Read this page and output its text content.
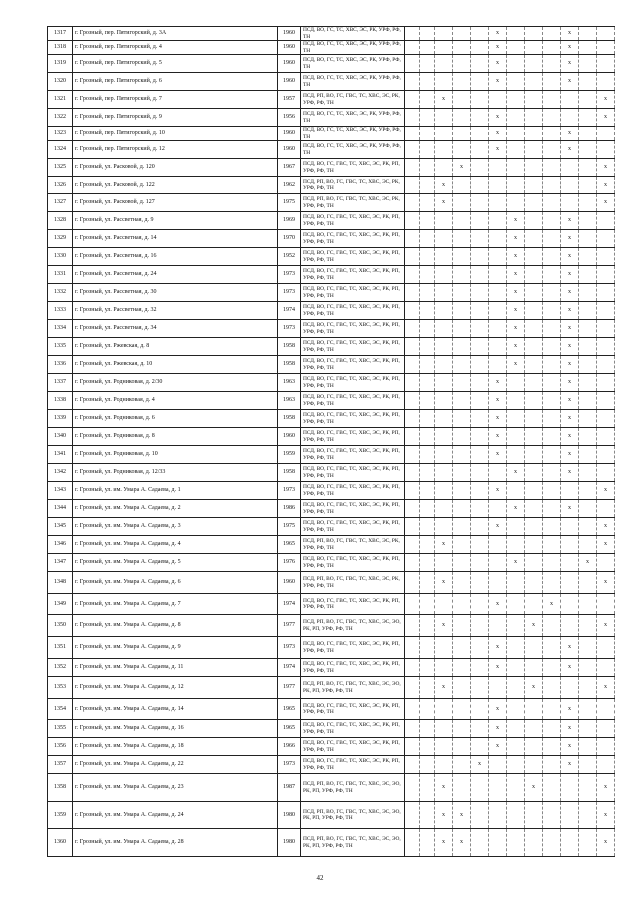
1317	г. Грозный, пер. Пятигорский, д. 3А	1960	ПСД, ВО, ГС, ТС, ХВС, ЭС, РК, УРФ, РФ, ТН						х				х		
1318	г. Грозный, пер. Пятигорский, д. 4	1960	ПСД, ВО, ГС, ТС, ХВС, ЭС, РК, УРФ, РФ, ТН						х				х		
1319	г. Грозный, пер. Пятигорский, д. 5	1960	ПСД, ВО, ГС, ТС, ХВС, ЭС, РК, УРФ, РФ, ТН						х				х		
1320	г. Грозный, пер. Пятигорский, д. 6	1960	ПСД, ВО, ГС, ТС, ХВС, ЭС, РК, УРФ, РФ, ТН						х				х		
1321	г. Грозный, пер. Пятигорский, д. 7	1957	ПСД, РП, ВО, ГС, ГВС, ТС, ХВС, ЭС, РК, УРФ, РФ, ТН			х									х
1322	г. Грозный, пер. Пятигорский, д. 9	1956	ПСД, ВО, ГС, ТС, ХВС, ЭС, РК, УРФ, РФ, ТН						х						х
1323	г. Грозный, пер. Пятигорский, д. 10	1960	ПСД, ВО, ГС, ТС, ХВС, ЭС, РК, УРФ, РФ, ТН						х				х		
1324	г. Грозный, пер. Пятигорский, д. 12	1960	ПСД, ВО, ГС, ТС, ХВС, ЭС, РК, УРФ, РФ, ТН						х				х		
1325	г. Грозный, ул. Расковой, д. 120	1967	ПСД, ВО, ГС, ГВС, ТС, ХВС, ЭС, РК, РП, УРФ, РФ, ТН				х								х
1326	г. Грозный, ул. Расковой, д. 122	1962	ПСД, РП, ВО, ГС, ГВС, ТС, ХВС, ЭС, РК, УРФ, РФ, ТН			х									х
1327	г. Грозный, ул. Расковой, д. 127	1975	ПСД, РП, ВО, ГС, ГВС, ТС, ХВС, ЭС, РК, УРФ, РФ, ТН			х									х
1328	г. Грозный, ул. Рассветная, д. 9	1969	ПСД, ВО, ГС, ГВС, ТС, ХВС, ЭС, РК, РП, УРФ, РФ, ТН							х			х		
1329	г. Грозный, ул. Рассветная, д. 14	1970	ПСД, ВО, ГС, ГВС, ТС, ХВС, ЭС, РК, РП, УРФ, РФ, ТН							х			х		
1330	г. Грозный, ул. Рассветная, д. 16	1952	ПСД, ВО, ГС, ГВС, ТС, ХВС, ЭС, РК, РП, УРФ, РФ, ТН							х			х		
1331	г. Грозный, ул. Рассветная, д. 24	1973	ПСД, ВО, ГС, ГВС, ТС, ХВС, ЭС, РК, РП, УРФ, РФ, ТН							х			х		
1332	г. Грозный, ул. Рассветная, д. 30	1973	ПСД, ВО, ГС, ГВС, ТС, ХВС, ЭС, РК, РП, УРФ, РФ, ТН							х			х		
1333	г. Грозный, ул. Рассветная, д. 32	1974	ПСД, ВО, ГС, ГВС, ТС, ХВС, ЭС, РК, РП, УРФ, РФ, ТН							х			х		
1334	г. Грозный, ул. Рассветная, д. 34	1973	ПСД, ВО, ГС, ГВС, ТС, ХВС, ЭС, РК, РП, УРФ, РФ, ТН							х			х		
1335	г. Грозный, ул. Ржевская, д. 8	1958	ПСД, ВО, ГС, ГВС, ТС, ХВС, ЭС, РК, РП, УРФ, РФ, ТН							х			х		
1336	г. Грозный, ул. Ржевская, д. 10	1958	ПСД, ВО, ГС, ГВС, ТС, ХВС, ЭС, РК, РП, УРФ, РФ, ТН							х			х		
1337	г. Грозный, ул. Родниковая, д. 2/30	1963	ПСД, ВО, ГС, ГВС, ТС, ХВС, ЭС, РК, РП, УРФ, РФ, ТН						х				х		
1338	г. Грозный, ул. Родниковая, д. 4	1963	ПСД, ВО, ГС, ГВС, ТС, ХВС, ЭС, РК, РП, УРФ, РФ, ТН						х				х		
1339	г. Грозный, ул. Родниковая, д. 6	1958	ПСД, ВО, ГС, ГВС, ТС, ХВС, ЭС, РК, РП, УРФ, РФ, ТН						х				х		
1340	г. Грозный, ул. Родниковая, д. 8	1960	ПСД, ВО, ГС, ГВС, ТС, ХВС, ЭС, РК, РП, УРФ, РФ, ТН						х				х		
1341	г. Грозный, ул. Родниковая, д. 10	1959	ПСД, ВО, ГС, ГВС, ТС, ХВС, ЭС, РК, РП, УРФ, РФ, ТН						х				х		
1342	г. Грозный, ул. Родниковая, д. 12/33	1958	ПСД, ВО, ГС, ГВС, ТС, ХВС, ЭС, РК, РП, УРФ, РФ, ТН							х			х		
1343	г. Грозный, ул. им. Умара А. Садаева, д. 1	1973	ПСД, ВО, ГС, ГВС, ТС, ХВС, ЭС, РК, РП, УРФ, РФ, ТН						х						х
1344	г. Грозный, ул. им. Умара А. Садаева, д. 2	1986	ПСД, ВО, ГС, ГВС, ТС, ХВС, ЭС, РК, РП, УРФ, РФ, ТН							х			х		
1345	г. Грозный, ул. им. Умара А. Садаева, д. 3	1975	ПСД, ВО, ГС, ГВС, ТС, ХВС, ЭС, РК, РП, УРФ, РФ, ТН						х						х
1346	г. Грозный, ул. им. Умара А. Садаева, д. 4	1965	ПСД, РП, ВО, ГС, ГВС, ТС, ХВС, ЭС, РК, УРФ, РФ, ТН			х									х
1347	г. Грозный, ул. им. Умара А. Садаева, д. 5	1976	ПСД, ВО, ГС, ГВС, ТС, ХВС, ЭС, РК, РП, УРФ, РФ, ТН							х				х	
1348	г. Грозный, ул. им. Умара А. Садаева, д. 6	1960	ПСД, РП, ВО, ГС, ГВС, ТС, ХВС, ЭС, РК, УРФ, РФ, ТН			х									х
1349	г. Грозный, ул. им. Умара А. Садаева, д. 7	1974	ПСД, ВО, ГС, ГВС, ТС, ХВС, ЭС, РК, РП, УРФ, РФ, ТН						х			х			
1350	г. Грозный, ул. им. Умара А. Садаева, д. 8	1977	ПСД, РП, ВО, ГС, ГВС, ТС, ХВС, ЭС, ЭО, РК, РП, УРФ, РФ, ТН			х					х				х
1351	г. Грозный, ул. им. Умара А. Садаева, д. 9	1973	ПСД, ВО, ГС, ГВС, ТС, ХВС, ЭС, РК, РП, УРФ, РФ, ТН						х				х		
1352	г. Грозный, ул. им. Умара А. Садаева, д. 11	1974	ПСД, ВО, ГС, ГВС, ТС, ХВС, ЭС, РК, РП, УРФ, РФ, ТН						х				х		
1353	г. Грозный, ул. им. Умара А. Садаева, д. 12	1977	ПСД, РП, ВО, ГС, ГВС, ТС, ХВС, ЭС, ЭО, РК, РП, УРФ, РФ, ТН			х					х				х
1354	г. Грозный, ул. им. Умара А. Садаева, д. 14	1965	ПСД, ВО, ГС, ГВС, ТС, ХВС, ЭС, РК, РП, УРФ, РФ, ТН						х				х		
1355	г. Грозный, ул. им. Умара А. Садаева, д. 16	1965	ПСД, ВО, ГС, ГВС, ТС, ХВС, ЭС, РК, РП, УРФ, РФ, ТН						х				х		
1356	г. Грозный, ул. им. Умара А. Садаева, д. 18	1966	ПСД, ВО, ГС, ГВС, ТС, ХВС, ЭС, РК, РП, УРФ, РФ, ТН						х				х		
1357	г. Грозный, ул. им. Умара А. Садаева, д. 22	1973	ПСД, ВО, ГС, ГВС, ТС, ХВС, ЭС, РК, РП, УРФ, РФ, ТН					х					х		
1358	г. Грозный, ул. им. Умара А. Садаева, д. 23	1987	ПСД, РП, ВО, ГС, ГВС, ТС, ХВС, ЭС, ЭО, РК, РП, УРФ, РФ, ТН			х					х				х
1359	г. Грозный, ул. им. Умара А. Садаева, д. 24	1980	ПСД, РП, ВО, ГС, ГВС, ТС, ХВС, ЭС, ЭО, РК, РП, УРФ, РФ, ТН			х	х								х
1360	г. Грозный, ул. им. Умара А. Садаева, д. 28	1980	ПСД, РП, ВО, ГС, ГВС, ТС, ХВС, ЭС, ЭО, РК, РП, УРФ, РФ, ТН			х	х								х
42
